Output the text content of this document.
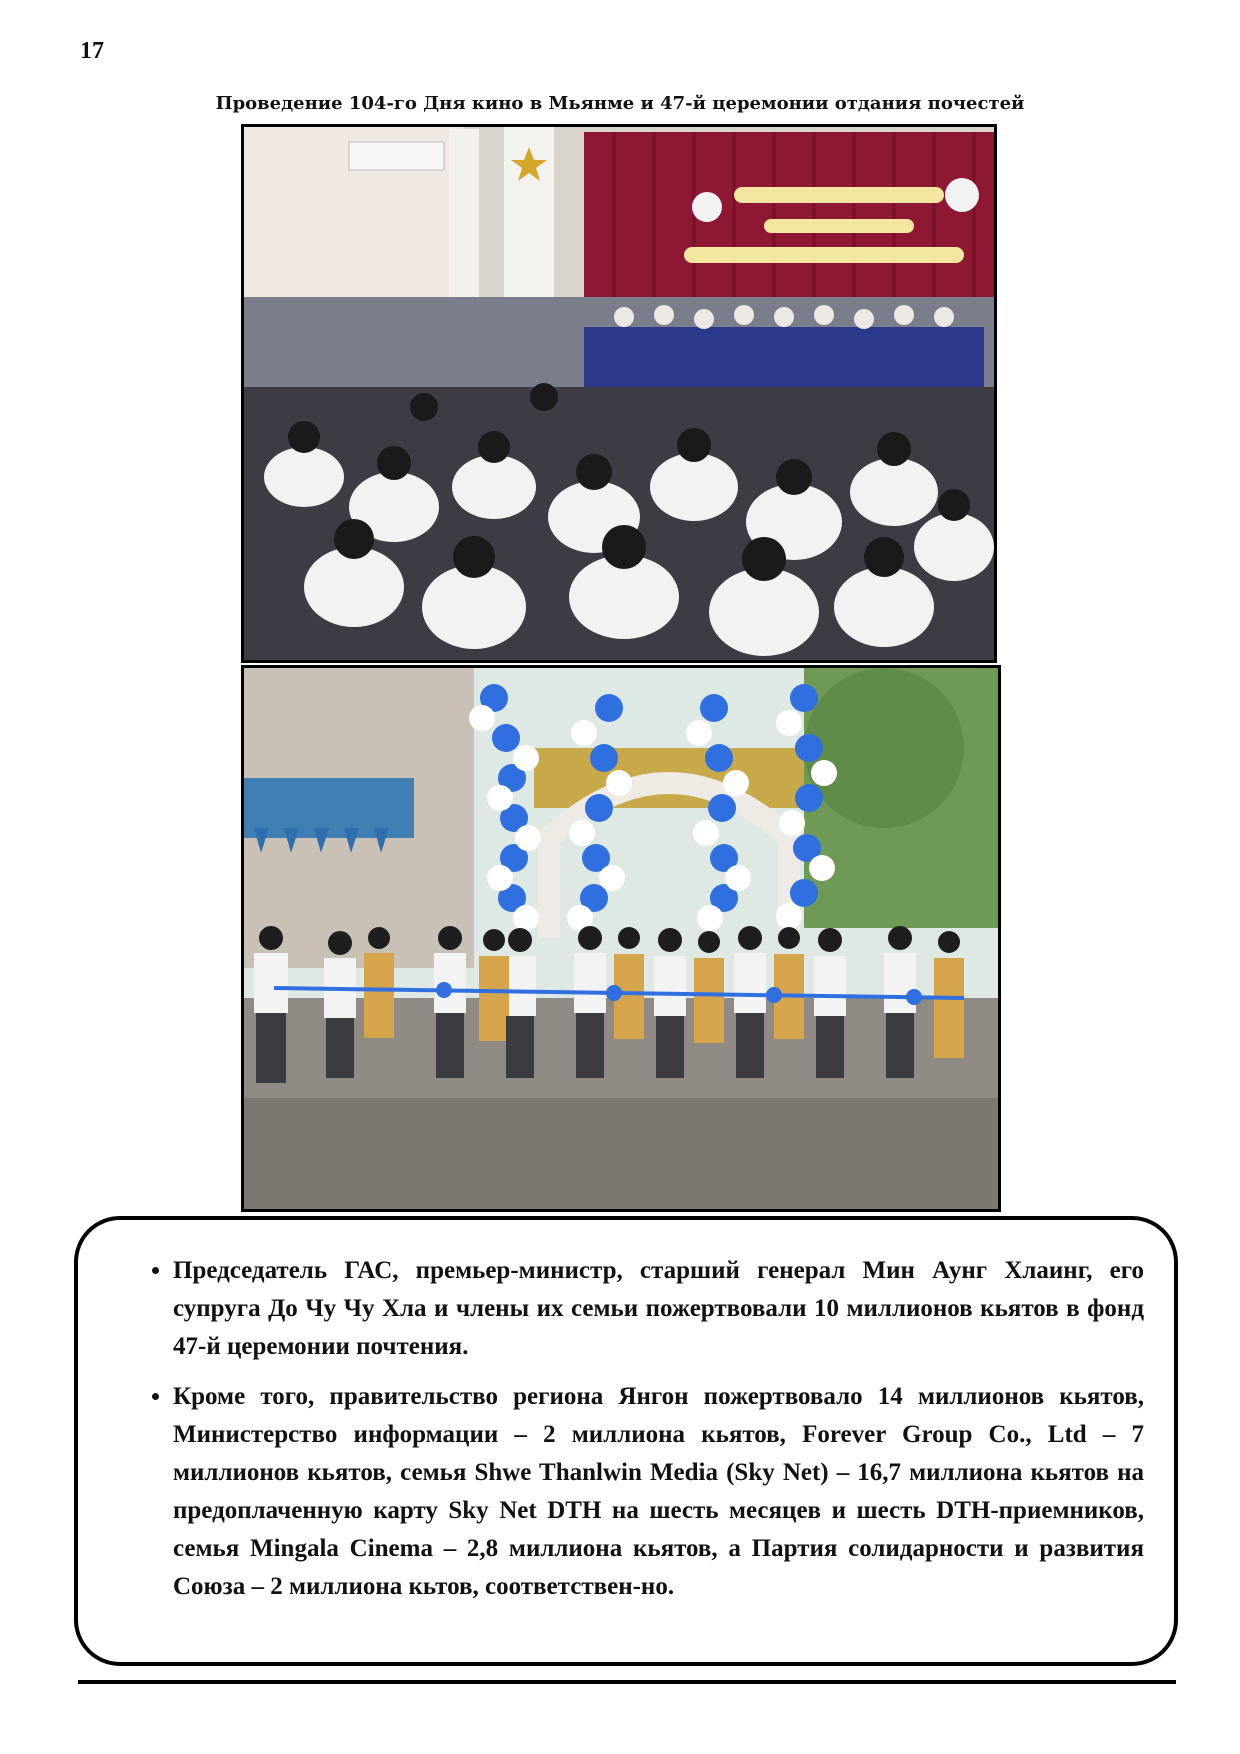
17
Проведение 104-го Дня кино в Мьянме и 47-й церемонии отдания почестей
• Председатель ГАС, премьер-министр, старший генерал Мин Аунг Хлаинг, его супруга До Чу Чу Хла и члены их семьи пожертвовали 10 миллионов кьятов в фонд 47-й церемонии почтения.
• Кроме того, правительство региона Янгон пожертвовало 14 миллионов кьятов, Министерство информации – 2 миллиона кьятов, Forever Group Co., Ltd – 7 миллионов кьятов, семья Shwe Thanlwin Media (Sky Net) – 16,7 миллиона кьятов на предоплаченную карту Sky Net DTH на шесть месяцев и шесть DTH-приемников, семья Mingala Cinema – 2,8 миллиона кьятов, а Партия солидарности и развития Союза – 2 миллиона кьтов, соответствен-но.
